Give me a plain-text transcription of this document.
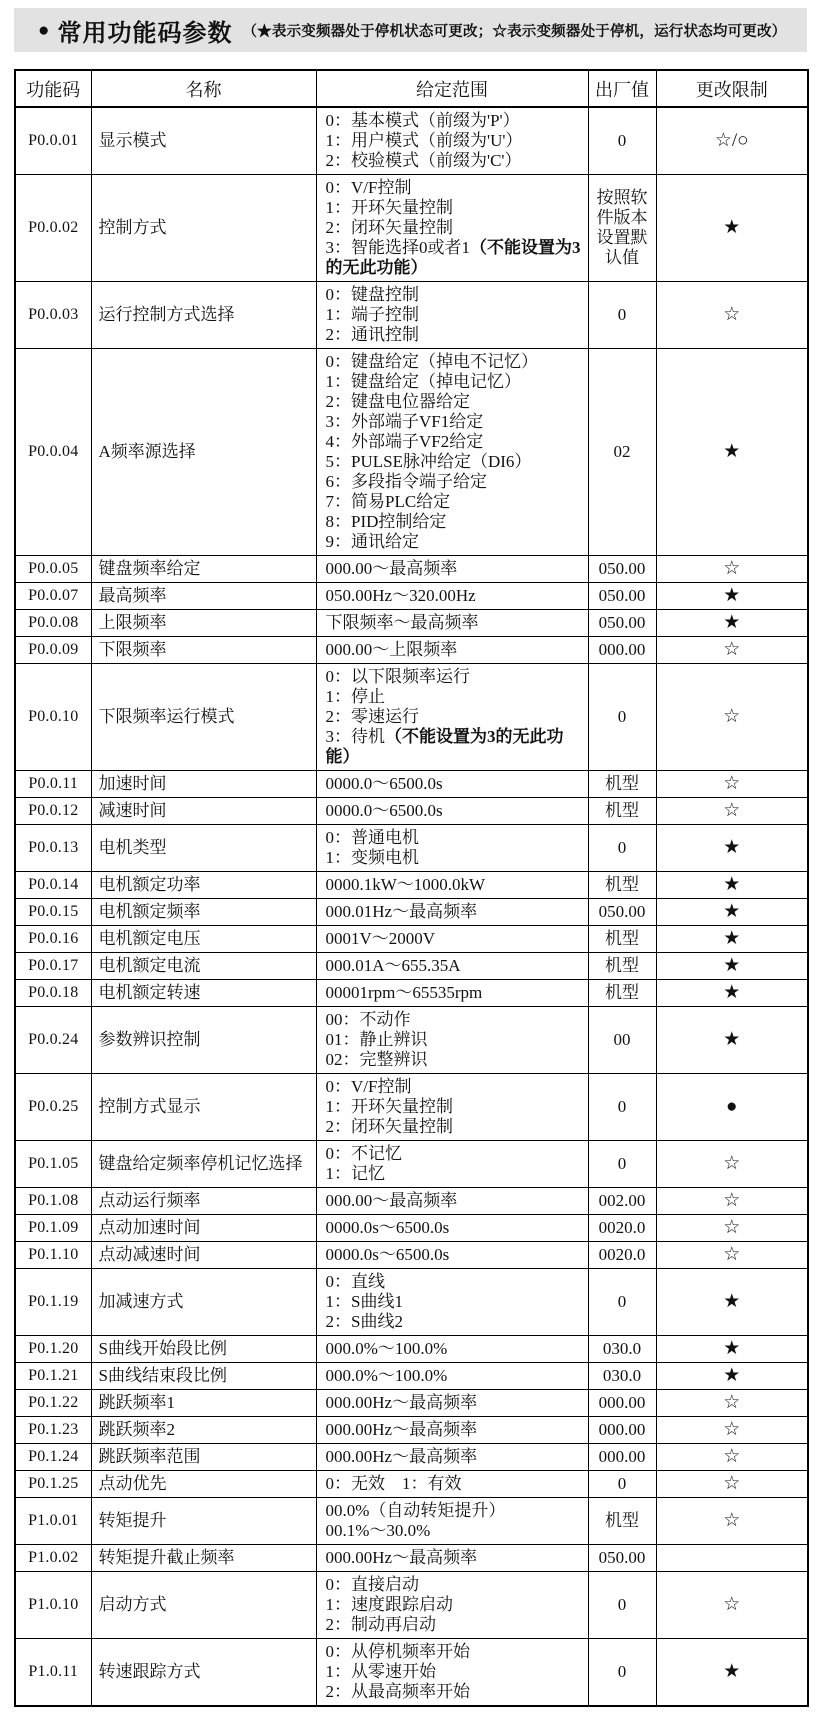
● 常用功能码参数 （★表示变频器处于停机状态可更改；☆表示变频器处于停机，运行状态均可更改）
功能码	名称	给定范围	出厂值	更改限制
P0.0.01	显示模式	0：基本模式（前缀为'P'）
1：用户模式（前缀为'U'）
2：校验模式（前缀为'C'）	0	☆/○
P0.0.02	控制方式	0：V/F控制
1：开环矢量控制
2：闭环矢量控制
3：智能选择0或者1（不能设置为3的无此功能）	按照软件版本设置默认值	★
P0.0.03	运行控制方式选择	0：键盘控制
1：端子控制
2：通讯控制	0	☆
P0.0.04	A频率源选择	
0：键盘给定（掉电不记忆）
1：键盘给定（掉电记忆）
2：键盘电位器给定
3：外部端子VF1给定
4：外部端子VF2给定
5：PULSE脉冲给定（DI6）
6：多段指令端子给定
7：简易PLC给定
8：PID控制给定
9：通讯给定
	02	★
P0.0.05	键盘频率给定	000.00～最高频率	050.00	☆
P0.0.07	最高频率	050.00Hz～320.00Hz	050.00	★
P0.0.08	上限频率	下限频率～最高频率	050.00	★
P0.0.09	下限频率	000.00～上限频率	000.00	☆
P0.0.10	下限频率运行模式	0：以下限频率运行
1：停止
2：零速运行
3：待机（不能设置为3的无此功能）	0	☆
P0.0.11	加速时间	0000.0～6500.0s	机型	☆
P0.0.12	减速时间	0000.0～6500.0s	机型	☆
P0.0.13	电机类型	0：普通电机
1：变频电机	0	★
P0.0.14	电机额定功率	0000.1kW～1000.0kW	机型	★
P0.0.15	电机额定频率	000.01Hz～最高频率	050.00	★
P0.0.16	电机额定电压	0001V～2000V	机型	★
P0.0.17	电机额定电流	000.01A～655.35A	机型	★
P0.0.18	电机额定转速	00001rpm～65535rpm	机型	★
P0.0.24	参数辨识控制	00：不动作
01：静止辨识
02：完整辨识	00	★
P0.0.25	控制方式显示	0：V/F控制
1：开环矢量控制
2：闭环矢量控制	0	●
P0.1.05	键盘给定频率停机记忆选择	0：不记忆
1：记忆	0	☆
P0.1.08	点动运行频率	000.00～最高频率	002.00	☆
P0.1.09	点动加速时间	0000.0s～6500.0s	0020.0	☆
P0.1.10	点动减速时间	0000.0s～6500.0s	0020.0	☆
P0.1.19	加减速方式	0：直线
1：S曲线1
2：S曲线2	0	★
P0.1.20	S曲线开始段比例	000.0%～100.0%	030.0	★
P0.1.21	S曲线结束段比例	000.0%～100.0%	030.0	★
P0.1.22	跳跃频率1	000.00Hz～最高频率	000.00	☆
P0.1.23	跳跃频率2	000.00Hz～最高频率	000.00	☆
P0.1.24	跳跃频率范围	000.00Hz～最高频率	000.00	☆
P0.1.25	点动优先	0：无效　1：有效	0	☆
P1.0.01	转矩提升	00.0%（自动转矩提升）
00.1%～30.0%	机型	☆
P1.0.02	转矩提升截止频率	000.00Hz～最高频率	050.00	
P1.0.10	启动方式	0：直接启动
1：速度跟踪启动
2：制动再启动	0	☆
P1.0.11	转速跟踪方式	0：从停机频率开始
1：从零速开始
2：从最高频率开始	0	★
